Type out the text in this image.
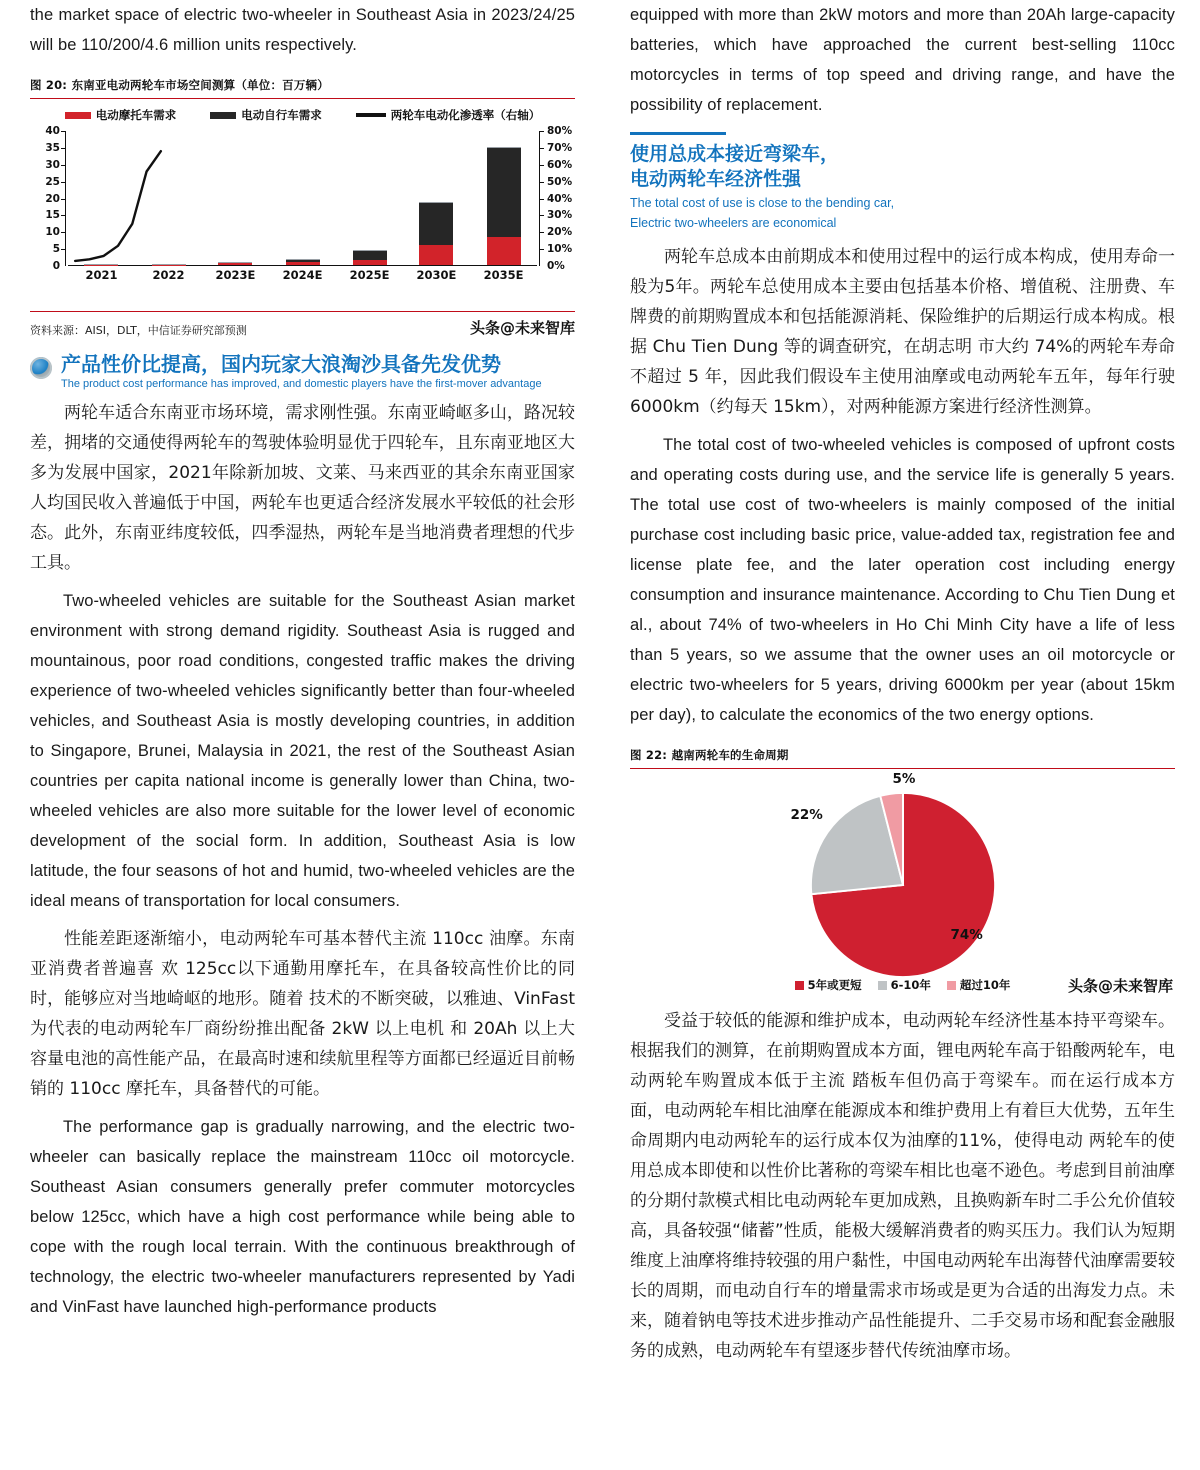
the market space of electric two-wheeler in Southeast Asia in 2023/24/25 will be 110/200/4.6 million units respectively.

图 20: 东南亚电动两轮车市场空间测算（单位：百万辆）
电动摩托车需求	电动自行车需求	两轮车电动化渗透率（右轴）
40
35
30
25
20
15
10
5
0
80%
70%
60%
50%
40%
30%
20%
10%
0%
2021	2022	2023E 2024E 2025E 2030E 2035E
资料来源：AISI，DLT，中信证券研究部预测	头条@未来智库
产品性价比提高，国内玩家大浪淘沙具备先发优势
The product cost performance has improved, and domestic players have the first-mover advantage

两轮车适合东南亚市场环境，需求刚性强。东南亚崎岖多山，路况较差，拥堵的交通使得两轮车的驾驶体验明显优于四轮车，且东南亚地区大多为发展中国家，2021年除新加坡、文莱、马来西亚的其余东南亚国家人均国民收入普遍低于中国，两轮车也更适合经济发展水平较低的社会形态。此外，东南亚纬度较低，四季湿热，两轮车是当地消费者理想的代步工具。

Two-wheeled vehicles are suitable for the Southeast Asian market environment with strong demand rigidity. Southeast Asia is rugged and mountainous, poor road conditions, congested traffic makes the driving experience of two-wheeled vehicles significantly better than four-wheeled vehicles, and Southeast Asia is mostly developing countries, in addition to Singapore, Brunei, Malaysia in 2021, the rest of the Southeast Asian countries per capita national income is generally lower than China, two-wheeled vehicles are also more suitable for the lower level of economic development of the social form. In addition, Southeast Asia is low latitude, the four seasons of hot and humid, two-wheeled vehicles are the ideal means of transportation for local consumers.

性能差距逐渐缩小，电动两轮车可基本替代主流 110cc 油摩。东南亚消费者普遍喜 欢 125cc以下通勤用摩托车，在具备较高性价比的同时，能够应对当地崎岖的地形。随着 技术的不断突破，以雅迪、VinFast 为代表的电动两轮车厂商纷纷推出配备 2kW 以上电机 和 20Ah 以上大容量电池的高性能产品，在最高时速和续航里程等方面都已经逼近目前畅 销的 110cc 摩托车，具备替代的可能。

The performance gap is gradually narrowing, and the electric two-wheeler can basically replace the mainstream 110cc oil motorcycle. Southeast Asian consumers generally prefer commuter motorcycles below 125cc, which have a high cost performance while being able to cope with the rough local terrain. With the continuous breakthrough of technology, the electric two-wheeler manufacturers represented by Yadi and VinFast have launched high-performance products

equipped with more than 2kW motors and more than 20Ah large-capacity batteries, which have approached the current best-selling 110cc motorcycles in terms of top speed and driving range, and have the possibility of replacement.

使用总成本接近弯梁车，
电动两轮车经济性强
The total cost of use is close to the bending car,
Electric two-wheelers are economical

两轮车总成本由前期成本和使用过程中的运行成本构成，使用寿命一般为5年。两轮车总使用成本主要由包括基本价格、增值税、注册费、车牌费的前期购置成本和包括能源消耗、保险维护的后期运行成本构成。根据 Chu Tien Dung 等的调查研究，在胡志明 市大约 74%的两轮车寿命不超过 5 年，因此我们假设车主使用油摩或电动两轮车五年，每年行驶6000km（约每天 15km），对两种能源方案进行经济性测算。

The total cost of two-wheeled vehicles is composed of upfront costs and operating costs during use, and the service life is generally 5 years. The total use cost of two-wheelers is mainly composed of the initial purchase cost including basic price, value-added tax, registration fee and license plate fee, and the later operation cost including energy consumption and insurance maintenance. According to Chu Tien Dung et al., about 74% of two-wheelers in Ho Chi Minh City have a life of less than 5 years, so we assume that the owner uses an oil motorcycle or electric two-wheelers for 5 years, driving 6000km per year (about 15km per day), to calculate the economics of the two energy options.

图 22: 越南两轮车的生命周期
5%
22%
74%
5年或更短	6-10年	超过10年	头条@未来智库

受益于较低的能源和维护成本，电动两轮车经济性基本持平弯梁车。根据我们的测算，在前期购置成本方面，锂电两轮车高于铅酸两轮车，电动两轮车购置成本低于主流 踏板车但仍高于弯梁车。而在运行成本方面，电动两轮车相比油摩在能源成本和维护费用上有着巨大优势，五年生命周期内电动两轮车的运行成本仅为油摩的11%，使得电动 两轮车的使用总成本即使和以性价比著称的弯梁车相比也毫不逊色。考虑到目前油摩的分期付款模式相比电动两轮车更加成熟，且换购新车时二手公允价值较高，具备较强“储蓄”性质，能极大缓解消费者的购买压力。我们认为短期维度上油摩将维持较强的用户黏性，中国电动两轮车出海替代油摩需要较长的周期，而电动自行车的增量需求市场或是更为合适的出海发力点。未来，随着钠电等技术进步推动产品性能提升、二手交易市场和配套金融服务的成熟，电动两轮车有望逐步替代传统油摩市场。
